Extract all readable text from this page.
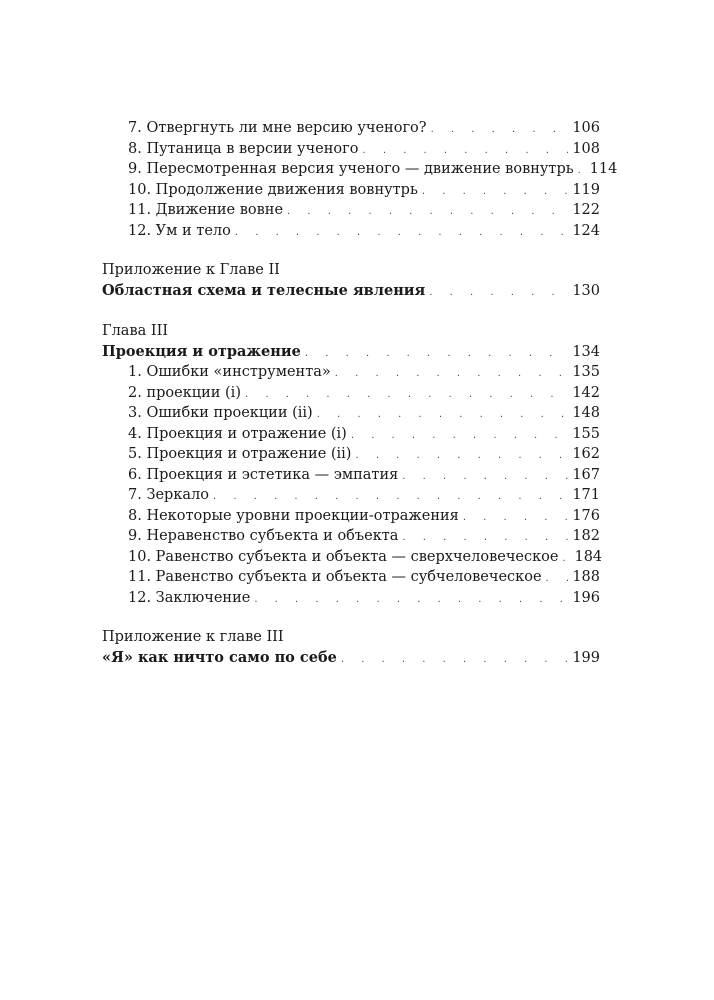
7. Отвергнуть ли мне версию ученого? . . .	106
8. Путаница в версии ученого . . .	108
9. Пересмотренная версия ученого — движение вовнутрь . . . 114
10. Продолжение движения вовнутрь . . .	119
11. Движение вовне . . .	122
12. Ум и тело . . .	124
Приложение к Главе II
Областная схема и телесные явления . . .	130
Глава III
Проекция и отражение . . .	134
1. Ошибки «инструмента» . . .	135
2. проекции (i) . . .	142
3. Ошибки проекции (ii) . . .	148
4. Проекция и отражение (i) . . .	155
5. Проекция и отражение (ii) . . .	162
6. Проекция и эстетика — эмпатия . . .	167
7. Зеркало . . .	171
8. Некоторые уровни проекции-отражения . . .	176
9. Неравенство субъекта и объекта . . .	182
10. Равенство субъекта и объекта — сверхчеловеческое . . . 184
11. Равенство субъекта и объекта — субчеловеческое . . . 188
12. Заключение . . .	196
Приложение к главе III
«Я» как ничто само по себе . . .	199
